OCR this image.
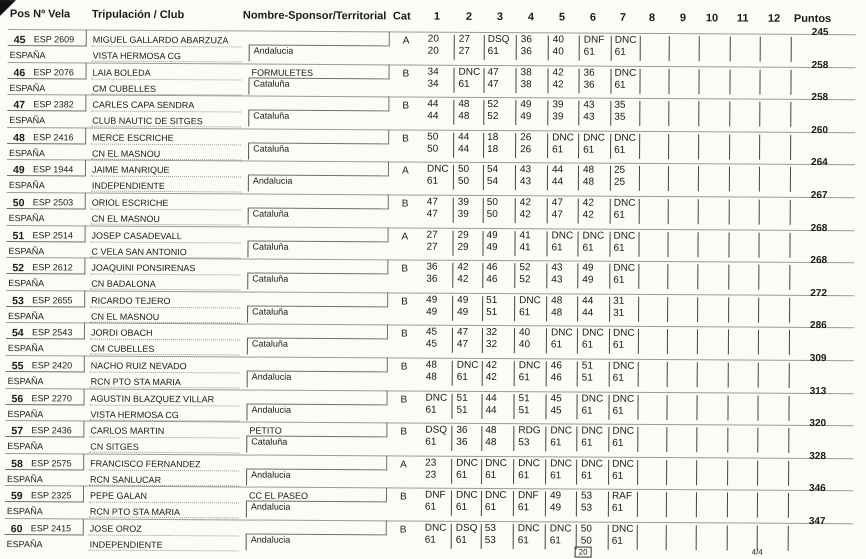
Pos Nº Vela Tripulación / Club	Nombre-Sponsor/Territorial Cat 1 2 3 4 5 6 7 8 9 10 11 12 Puntos
45 ESP 2609
ESPAÑA
MIGUEL GALLARDO ABARZUZA
VISTA HERMOSA CG	Andalucia
A 20 27 DSQ 36 40 DNF DNC
20 27 61 36 40 61 61
245
46 ESP 2076
ESPAÑA
LAIA BOLEDA
CM CUBELLES
FORMULETES
Cataluña
B 34 DNC 47 38 42 36 DNC
34 61 47 38 42 36 61
258
47 ESP 2382
ESPAÑA
CARLES CAPA SENDRA
CLUB NAUTIC DE SITGES	Cataluña
B 44 48 52 49 39 43 35
44 48 52 49 39 43 35
258
48 ESP 2416
ESPAÑA
MERCE ESCRICHE
CN EL MASNOU	Cataluña
B 50 44 18 26 DNC DNC DNC
50 44 18 26 61 61 61
260
49 ESP 1944
ESPAÑA
JAIME MANRIQUE
INDEPENDIENTE	Andalucia
A DNC 50 54 43 44 48 25
61 50 54 43 44 48 25
264
50 ESP 2503
ESPAÑA
ORIOL ESCRICHE
CN EL MASNOU	Cataluña
B 47 39 50 42 47 42 DNC
47 39 50 42 47 42 61
267
51 ESP 2514
ESPAÑA
JOSEP CASADEVALL
C VELA SAN ANTONIO	Cataluña
A 27 29 49 41 DNC DNC DNC
27 29 49 41 61 61 61
268
52 ESP 2612
ESPAÑA
JOAQUINI PONSIRENAS
CN BADALONA	Cataluña
B 36 42 46 52 43 49 DNC
36 42 46 52 43 49 61
268
53 ESP 2655
ESPAÑA
RICARDO TEJERO
CN EL MASNOU	Cataluña
B 49 49 51 DNC 48 44 31
49 49 51 61 48 44 31
272
54 ESP 2543
ESPAÑA
JORDI OBACH
CM CUBELLES	Cataluña
B 45 47 32 40 DNC DNC DNC
45 47 32 40 61 61 61
286
55 ESP 2420
ESPAÑA
NACHO RUIZ NEVADO
RCN PTO STA MARIA	Andalucia
B 48 DNC 42 DNC 46 51 DNC
48 61 42 61 46 51 61
309
56 ESP 2270
ESPAÑA
AGUSTIN BLAZQUEZ VILLAR
VISTA HERMOSA CG	Andalucia
B DNC 51 44 51 45 DNC DNC
61 51 44 51 45 61 61
313
57 ESP 2436
ESPAÑA
CARLOS MARTIN
CN SITGES
PETITO
Cataluña
B DSQ 36 48 RDG DNC DNC DNC
61 36 48 53 61 61 61
320
58 ESP 2575
ESPAÑA
FRANCISCO FERNANDEZ
RCN SANLUCAR	Andalucia
A 23 DNC DNC DNC DNC DNC DNC
23 61 61 61 61 61 61
328
59 ESP 2325
ESPAÑA
PEPE GALAN
RCN PTO STA MARIA
CC EL PASEO
Andalucia
B DNF DNC DNC DNF 49 53 RAF
61 61 61 61 49 53 61
346
60 ESP 2415
ESPAÑA
JOSE OROZ
INDEPENDIENTE	Andalucia
B DNC DSQ 53 DNC DNC 50 DNC
61 61 53 61 61 50 61
347
20	4/4
